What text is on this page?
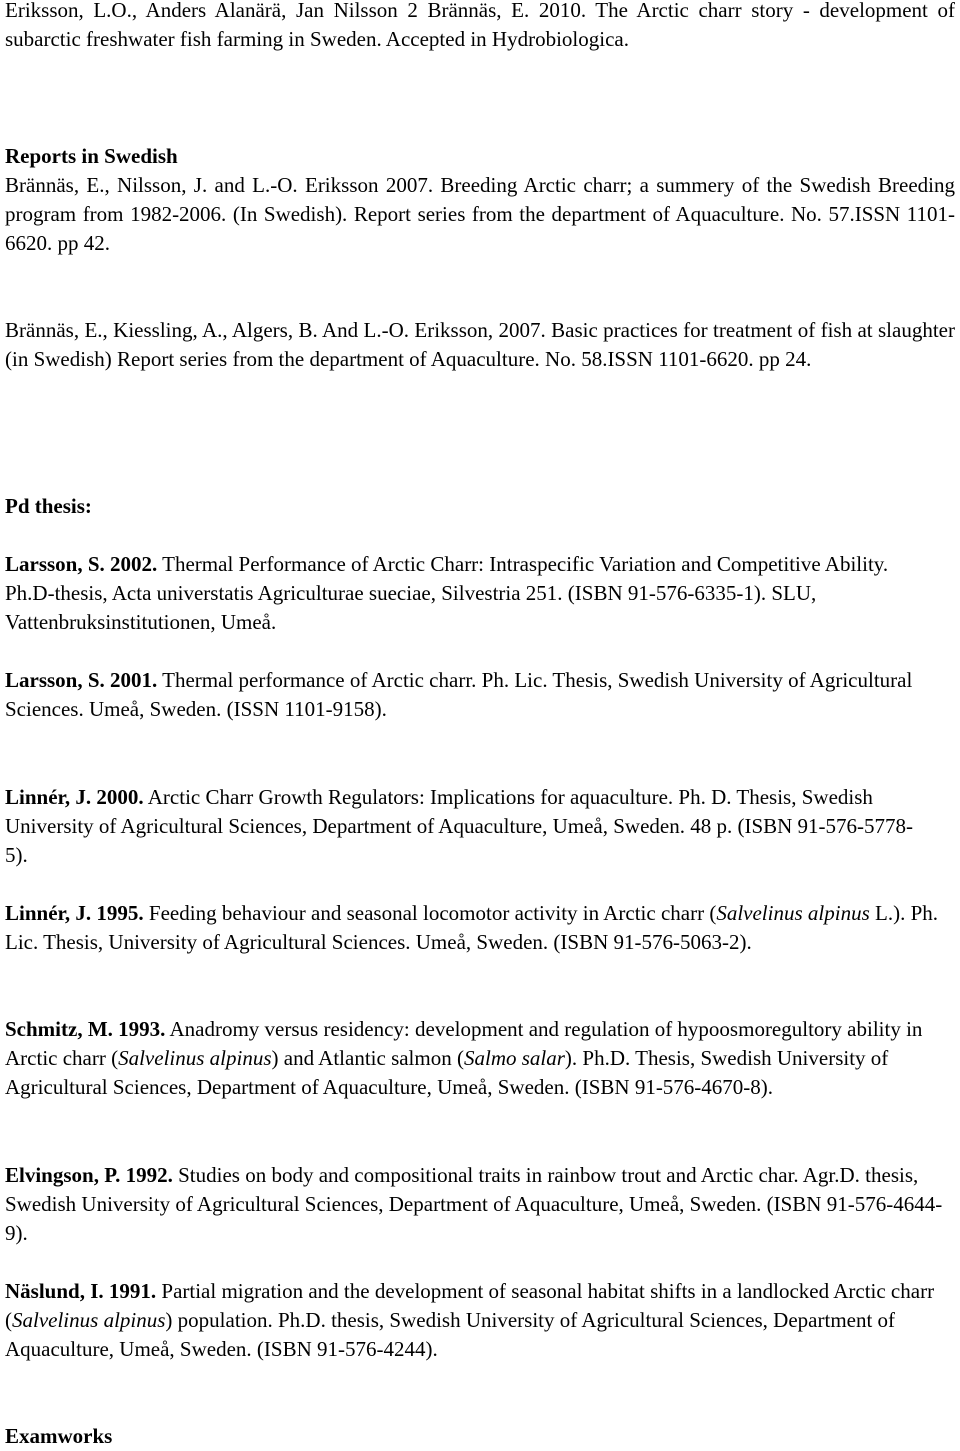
Eriksson, L.O., Anders Alanärä, Jan Nilsson 2 Brännäs, E. 2010. The Arctic charr story - development of subarctic freshwater fish farming in Sweden. Accepted in Hydrobiologica.

Reports in Swedish

Brännäs, E., Nilsson, J. and L.-O. Eriksson 2007. Breeding Arctic charr; a summery of the Swedish Breeding program from 1982-2006. (In Swedish). Report series from the department of Aquaculture. No. 57.ISSN 1101-6620. pp 42.

Brännäs, E., Kiessling, A., Algers, B. And L.-O. Eriksson, 2007. Basic practices for treatment of fish at slaughter (in Swedish) Report series from the department of Aquaculture. No. 58.ISSN 1101-6620. pp 24.

Pd thesis:

Larsson, S. 2002. Thermal Performance of Arctic Charr: Intraspecific Variation and Competitive Ability. Ph.D-thesis, Acta universtatis Agriculturae sueciae, Silvestria 251. (ISBN 91-576-6335-1). SLU, Vattenbruksinstitutionen, Umeå.

Larsson, S. 2001. Thermal performance of Arctic charr. Ph. Lic. Thesis, Swedish University of Agricultural Sciences. Umeå, Sweden. (ISSN 1101-9158).

Linnér, J. 2000. Arctic Charr Growth Regulators: Implications for aquaculture. Ph. D. Thesis, Swedish University of Agricultural Sciences, Department of Aquaculture, Umeå, Sweden. 48 p. (ISBN 91-576-5778-5).

Linnér, J. 1995. Feeding behaviour and seasonal locomotor activity in Arctic charr (Salvelinus alpinus L.). Ph. Lic. Thesis, University of Agricultural Sciences. Umeå, Sweden. (ISBN 91-576-5063-2).

Schmitz, M. 1993. Anadromy versus residency: development and regulation of hypoosmoregultory ability in Arctic charr (Salvelinus alpinus) and Atlantic salmon (Salmo salar). Ph.D. Thesis, Swedish University of Agricultural Sciences, Department of Aquaculture, Umeå, Sweden. (ISBN 91-576-4670-8).

Elvingson, P. 1992. Studies on body and compositional traits in rainbow trout and Arctic char. Agr.D. thesis, Swedish University of Agricultural Sciences, Department of Aquaculture, Umeå, Sweden. (ISBN 91-576-4644-9).

Näslund, I. 1991. Partial migration and the development of seasonal habitat shifts in a landlocked Arctic charr (Salvelinus alpinus) population. Ph.D. thesis, Swedish University of Agricultural Sciences, Department of Aquaculture, Umeå, Sweden. (ISBN 91-576-4244).

Examworks
